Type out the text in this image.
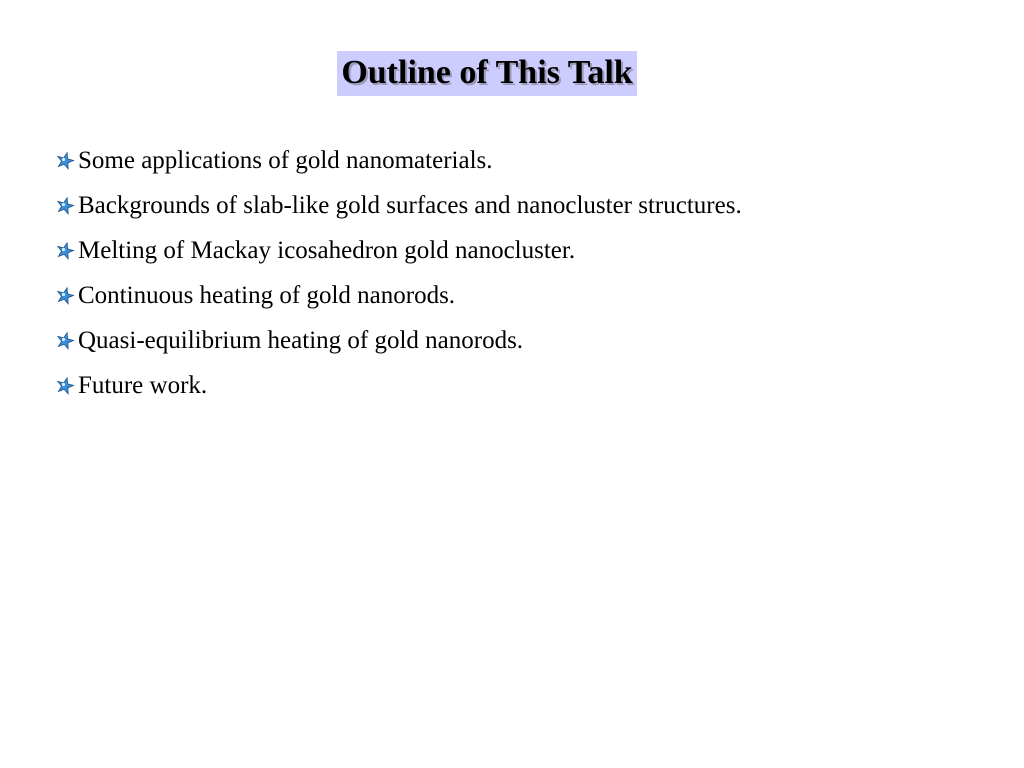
Outline of This Talk
Some applications of gold nanomaterials.
Backgrounds of slab-like gold surfaces and nanocluster structures.
Melting of Mackay icosahedron gold nanocluster.
Continuous heating of gold nanorods.
Quasi-equilibrium heating of gold nanorods.
Future work.
